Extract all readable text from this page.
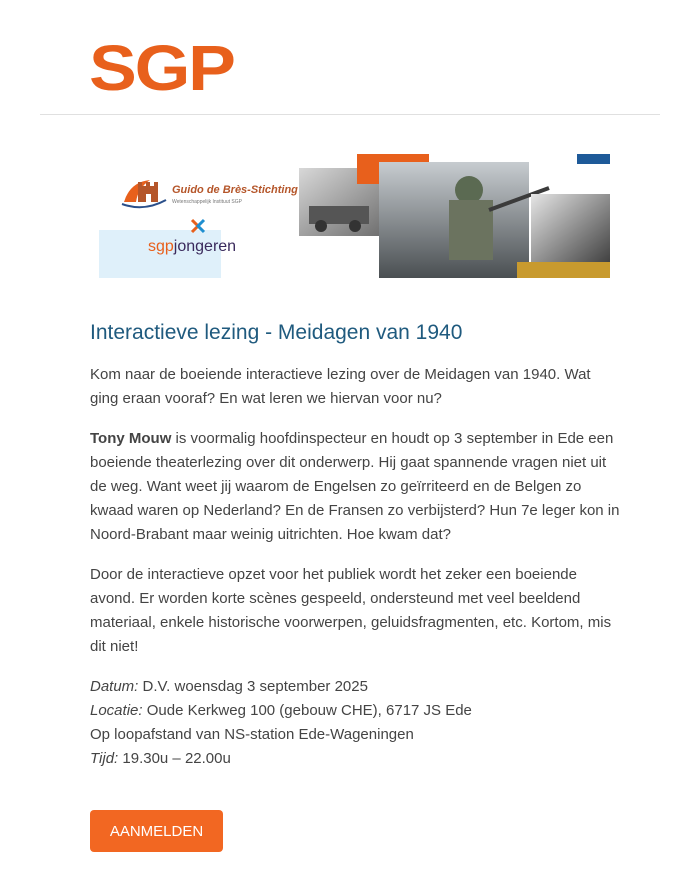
SGP
Guido de Brès-Stichting
Wetenschappelijk Instituut SGP
sgpjongeren
Interactieve lezing - Meidagen van 1940

Kom naar de boeiende interactieve lezing over de Meidagen van 1940. Wat ging eraan vooraf? En wat leren we hiervan voor nu?

Tony Mouw is voormalig hoofdinspecteur en houdt op 3 september in Ede een boeiende theaterlezing over dit onderwerp. Hij gaat spannende vragen niet uit de weg. Want weet jij waarom de Engelsen zo geïrriteerd en de Belgen zo kwaad waren op Nederland? En de Fransen zo verbijsterd? Hun 7e leger kon in Noord-Brabant maar weinig uitrichten. Hoe kwam dat?

Door de interactieve opzet voor het publiek wordt het zeker een boeiende avond. Er worden korte scènes gespeeld, ondersteund met veel beeldend materiaal, enkele historische voorwerpen, geluidsfragmenten, etc. Kortom, mis dit niet!

Datum: D.V. woensdag 3 september 2025
Locatie: Oude Kerkweg 100 (gebouw CHE), 6717 JS Ede
Op loopafstand van NS-station Ede-Wageningen
Tijd: 19.30u – 22.00u

AANMELDEN
